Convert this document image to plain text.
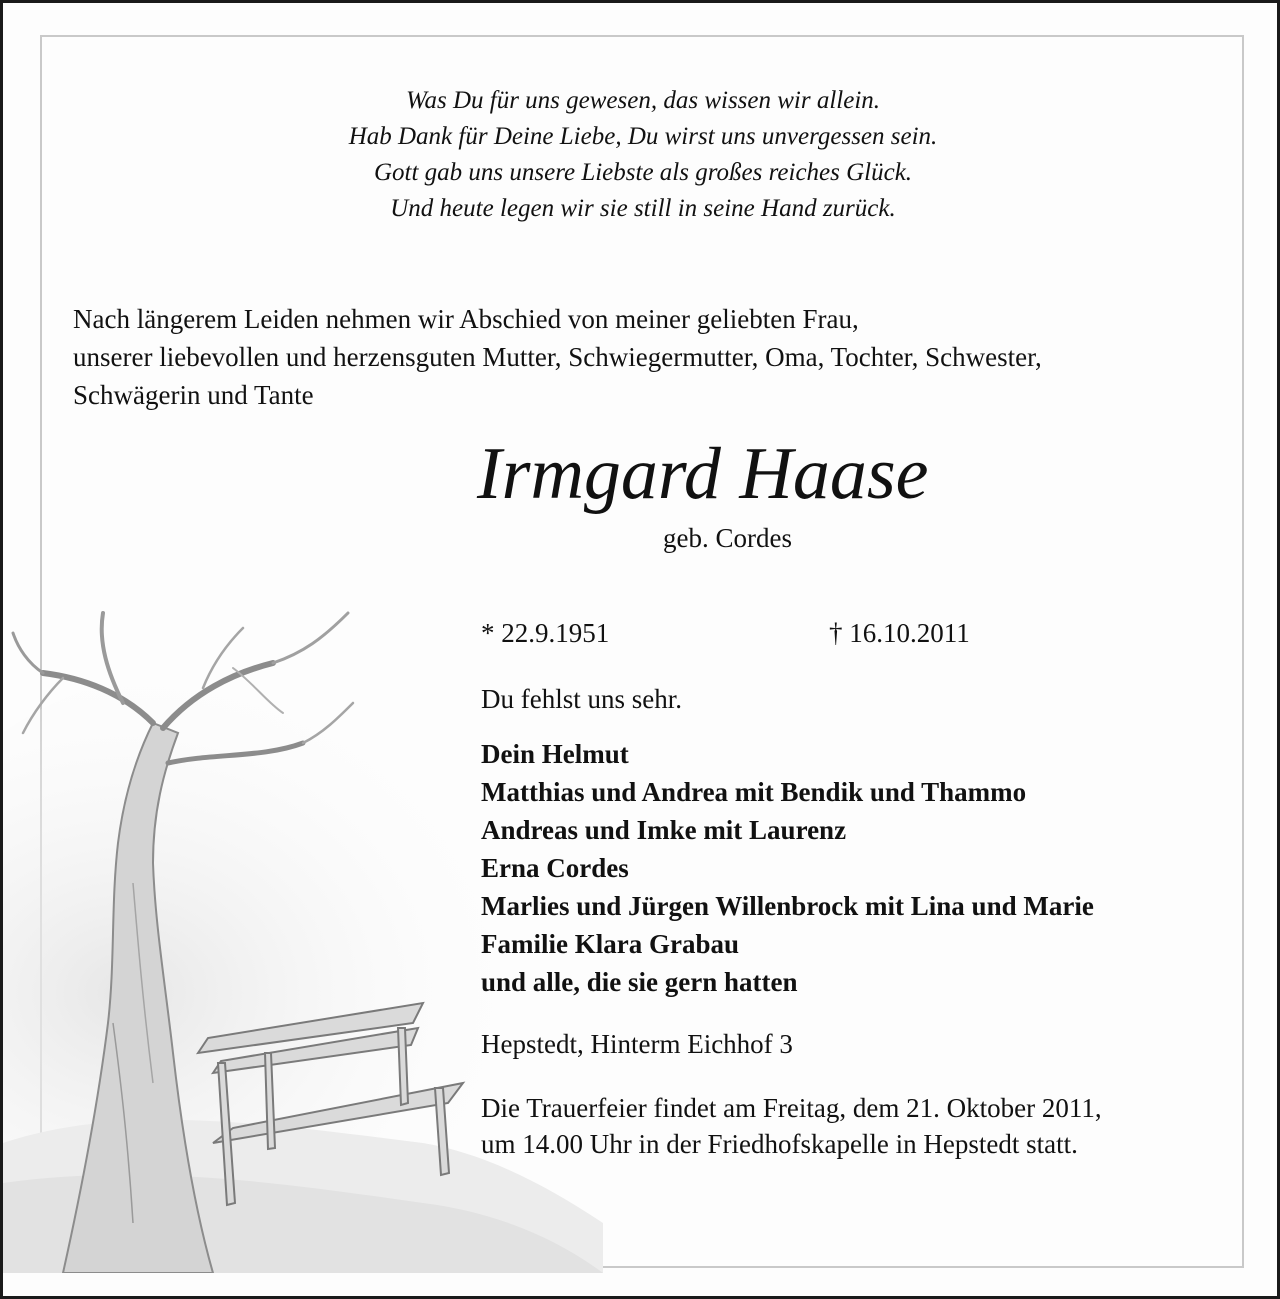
Was Du für uns gewesen, das wissen wir allein.
Hab Dank für Deine Liebe, Du wirst uns unvergessen sein.
Gott gab uns unsere Liebste als großes reiches Glück.
Und heute legen wir sie still in seine Hand zurück.
Nach längerem Leiden nehmen wir Abschied von meiner geliebten Frau,
unserer liebevollen und herzensguten Mutter, Schwiegermutter, Oma, Tochter, Schwester,
Schwägerin und Tante
Irmgard Haase
geb. Cordes
* 22.9.1951	† 16.10.2011
Du fehlst uns sehr.
Dein Helmut
Matthias und Andrea mit Bendik und Thammo
Andreas und Imke mit Laurenz
Erna Cordes
Marlies und Jürgen Willenbrock mit Lina und Marie
Familie Klara Grabau
und alle, die sie gern hatten
Hepstedt, Hinterm Eichhof 3
Die Trauerfeier findet am Freitag, dem 21. Oktober 2011,
um 14.00 Uhr in der Friedhofskapelle in Hepstedt statt.
